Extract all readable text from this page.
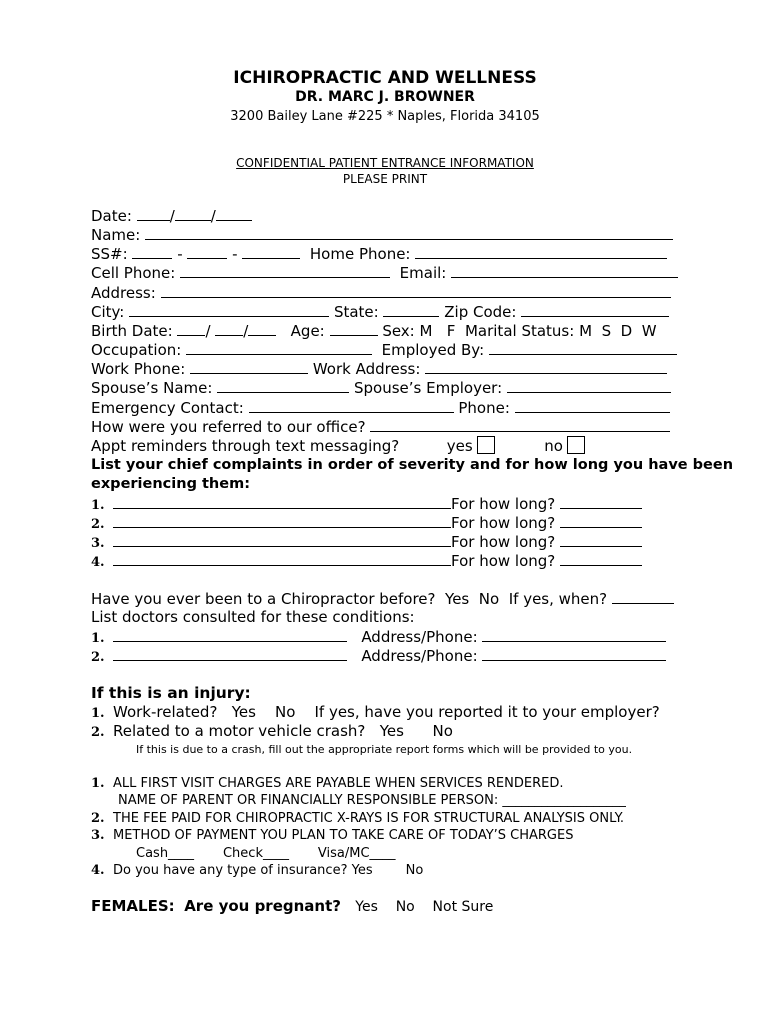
ICHIROPRACTIC AND WELLNESS
DR. MARC J. BROWNER
3200 Bailey Lane #225 * Naples, Florida 34105
CONFIDENTIAL PATIENT ENTRANCE INFORMATION
PLEASE PRINT
Date:	/ /
Name:
SS#:	-	-	Home Phone:
Cell Phone:	Email:
Address:
City:	State:	Zip Code:
Birth Date: / /	Age:	Sex: M F Marital Status: M  S  D  W
Occupation:	Employed By:
Work Phone:	Work Address:
Spouse’s Name:	Spouse’s Employer:
Emergency Contact:	Phone:
How were you referred to our office?
Appt reminders through text messaging?	yes	no
List your chief complaints in order of severity and for how long you have been
experiencing them:
1.	For how long?
2.	For how long?
3.	For how long?
4.	For how long?
Have you ever been to a Chiropractor before?  Yes  No  If yes, when?
List doctors consulted for these conditions:
1.	Address/Phone:
2.	Address/Phone:
If this is an injury:
1. Work-related?   Yes    No    If yes, have you reported it to your employer?
2. Related to a motor vehicle crash?   Yes      No
If this is due to a crash, fill out the appropriate report forms which will be provided to you.
1. ALL FIRST VISIT CHARGES ARE PAYABLE WHEN SERVICES RENDERED.
NAME OF PARENT OR FINANCIALLY RESPONSIBLE PERSON: ___________________
2. THE FEE PAID FOR CHIROPRACTIC X-RAYS IS FOR STRUCTURAL ANALYSIS ONLY.
3. METHOD OF PAYMENT YOU PLAN TO TAKE CARE OF TODAY’S CHARGES
Cash____       Check____       Visa/MC____
4. Do you have any type of insurance? Yes        No
FEMALES: Are you pregnant? Yes    No    Not Sure
